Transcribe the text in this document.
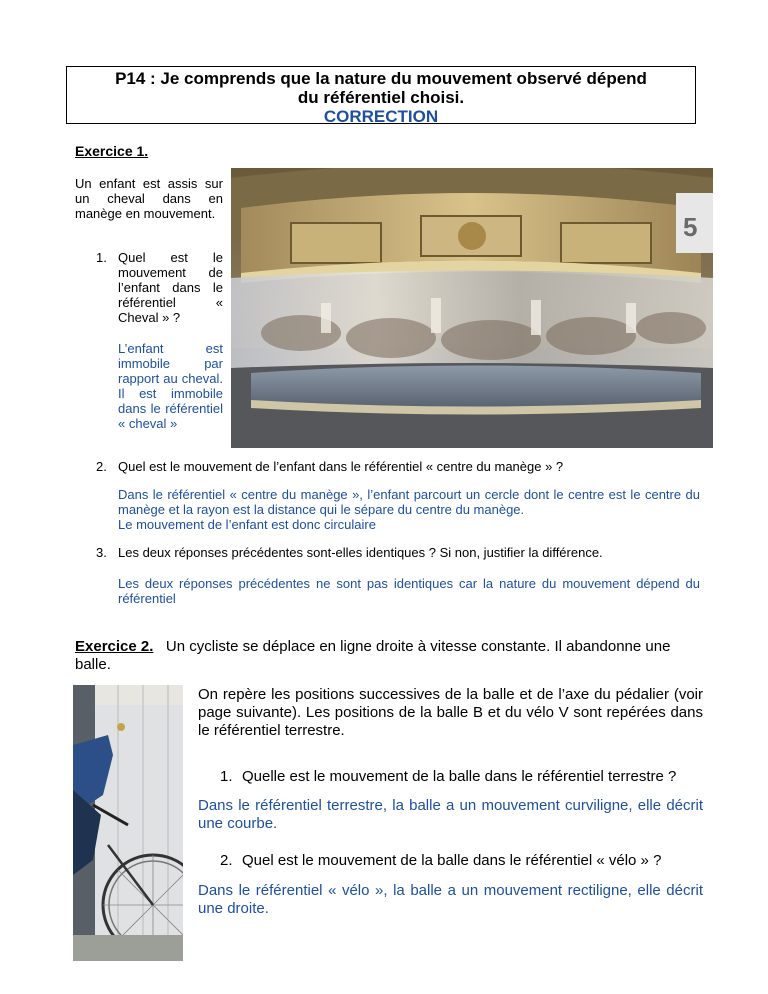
P14 : Je comprends que la nature du mouvement observé dépend
du référentiel choisi.
CORRECTION
Exercice 1.
Un enfant est assis sur un cheval dans en manège en mouvement.
1. Quel est le mouvement de l’enfant dans le référentiel « Cheval » ?
L’enfant est immobile par rapport au cheval. Il est immobile dans le référentiel « cheval »
5
2. Quel est le mouvement de l’enfant dans le référentiel « centre du manège » ?
Dans le référentiel « centre du manège », l’enfant parcourt un cercle dont le centre est le centre du manège et la rayon est la distance qui le sépare du centre du manège.
Le mouvement de l’enfant est donc circulaire
3. Les deux réponses précédentes sont-elles identiques ? Si non, justifier la différence.
Les deux réponses précédentes ne sont pas identiques car la nature du mouvement dépend du référentiel
Exercice 2. Un cycliste se déplace en ligne droite à vitesse constante. Il abandonne une
balle.
On repère les positions successives de la balle et de l’axe du pédalier (voir page suivante). Les positions de la balle B et du vélo V sont repérées dans le référentiel terrestre.
1. Quelle est le mouvement de la balle dans le référentiel terrestre ?
Dans le référentiel terrestre, la balle a un mouvement curviligne, elle décrit une courbe.
2. Quel est le mouvement de la balle dans le référentiel « vélo » ?
Dans le référentiel « vélo », la balle a un mouvement rectiligne, elle décrit une droite.
